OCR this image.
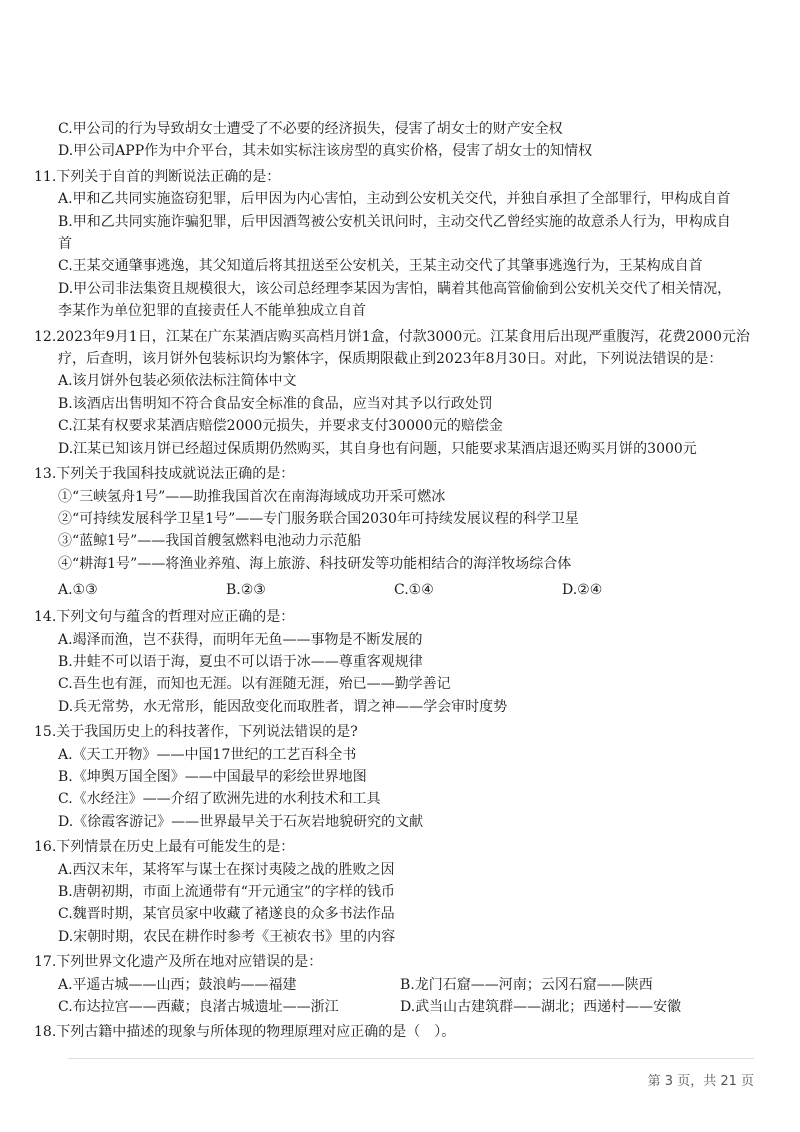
C.甲公司的行为导致胡女士遭受了不必要的经济损失，侵害了胡女士的财产安全权
D.甲公司APP作为中介平台，其未如实标注该房型的真实价格，侵害了胡女士的知情权
11.下列关于自首的判断说法正确的是：
A.甲和乙共同实施盗窃犯罪，后甲因为内心害怕，主动到公安机关交代，并独自承担了全部罪行，甲构成自首
B.甲和乙共同实施诈骗犯罪，后甲因酒驾被公安机关讯问时，主动交代乙曾经实施的故意杀人行为，甲构成自
首
C.王某交通肇事逃逸，其父知道后将其扭送至公安机关，王某主动交代了其肇事逃逸行为，王某构成自首
D.甲公司非法集资且规模很大，该公司总经理李某因为害怕，瞒着其他高管偷偷到公安机关交代了相关情况，
李某作为单位犯罪的直接责任人不能单独成立自首
12.2023年9月1日，江某在广东某酒店购买高档月饼1盒，付款3000元。江某食用后出现严重腹泻，花费2000元治
疗，后查明，该月饼外包装标识均为繁体字，保质期限截止到2023年8月30日。对此，下列说法错误的是：
A.该月饼外包装必须依法标注简体中文
B.该酒店出售明知不符合食品安全标准的食品，应当对其予以行政处罚
C.江某有权要求某酒店赔偿2000元损失，并要求支付30000元的赔偿金
D.江某已知该月饼已经超过保质期仍然购买，其自身也有问题，只能要求某酒店退还购买月饼的3000元
13.下列关于我国科技成就说法正确的是：
①“三峡氢舟1号”——助推我国首次在南海海域成功开采可燃冰
②“可持续发展科学卫星1号”——专门服务联合国2030年可持续发展议程的科学卫星
③“蓝鲸1号”——我国首艘氢燃料电池动力示范船
④“耕海1号”——将渔业养殖、海上旅游、科技研发等功能相结合的海洋牧场综合体
A.①③	B.②③	C.①④	D.②④
14.下列文句与蕴含的哲理对应正确的是：
A.竭泽而渔，岂不获得，而明年无鱼——事物是不断发展的
B.井蛙不可以语于海，夏虫不可以语于冰——尊重客观规律
C.吾生也有涯，而知也无涯。以有涯随无涯，殆已——勤学善记
D.兵无常势，水无常形，能因敌变化而取胜者，谓之神——学会审时度势
15.关于我国历史上的科技著作，下列说法错误的是?
A.《天工开物》——中国17世纪的工艺百科全书
B.《坤舆万国全图》——中国最早的彩绘世界地图
C.《水经注》——介绍了欧洲先进的水利技术和工具
D.《徐霞客游记》——世界最早关于石灰岩地貌研究的文献
16.下列情景在历史上最有可能发生的是：
A.西汉末年，某将军与谋士在探讨夷陵之战的胜败之因
B.唐朝初期，市面上流通带有“开元通宝”的字样的钱币
C.魏晋时期，某官员家中收藏了褚遂良的众多书法作品
D.宋朝时期，农民在耕作时参考《王祯农书》里的内容
17.下列世界文化遗产及所在地对应错误的是：
A.平遥古城——山西；鼓浪屿——福建	B.龙门石窟——河南；云冈石窟——陕西
C.布达拉宫——西藏；良渚古城遗址——浙江	D.武当山古建筑群——湖北；西递村——安徽
18.下列古籍中描述的现象与所体现的物理原理对应正确的是（　）。
第 3 页，共 21 页
